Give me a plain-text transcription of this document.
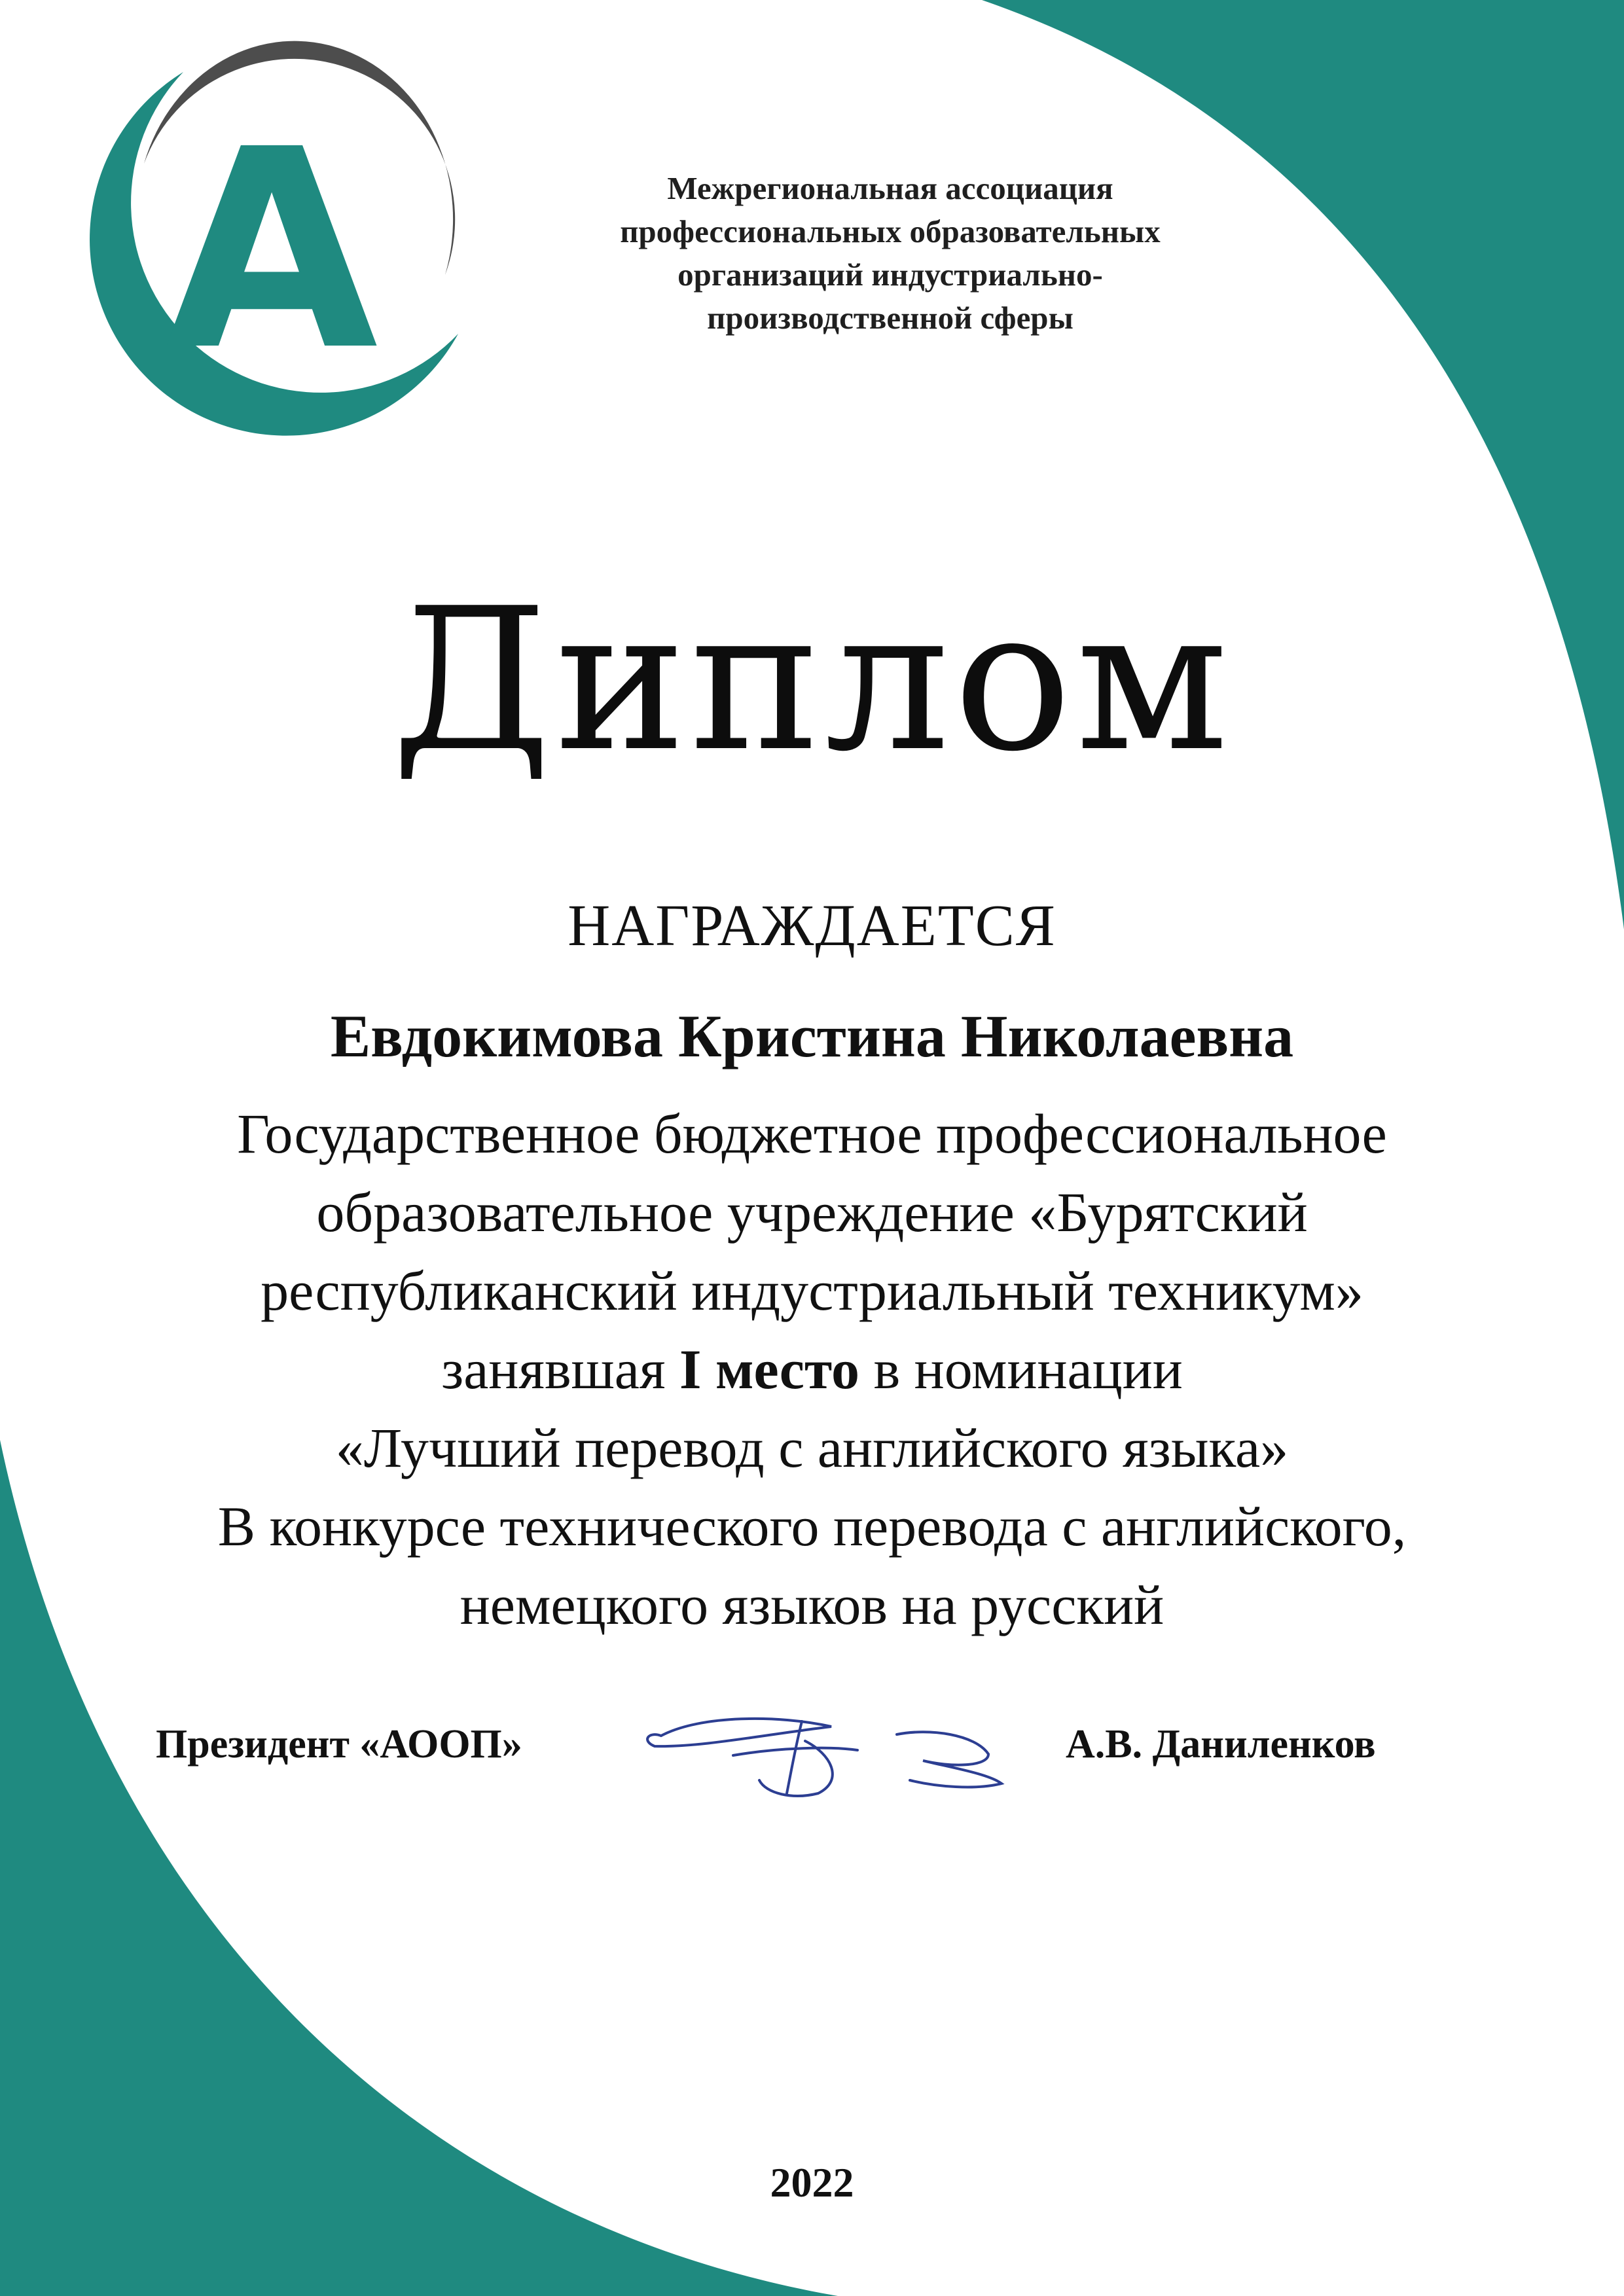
A	Межрегиональная ассоциация
профессиональных образовательных
организаций индустриально-
производственной сферы
Диплом
НАГРАЖДАЕТСЯ
Евдокимова Кристина Николаевна
Государственное бюджетное профессиональное
образовательное учреждение «Бурятский
республиканский индустриальный техникум»
занявшая I место в номинации
«Лучший перевод с английского языка»
В конкурсе технического перевода с английского,
немецкого языков на русский
Президент «АООП»	А.В. Даниленков
2022
